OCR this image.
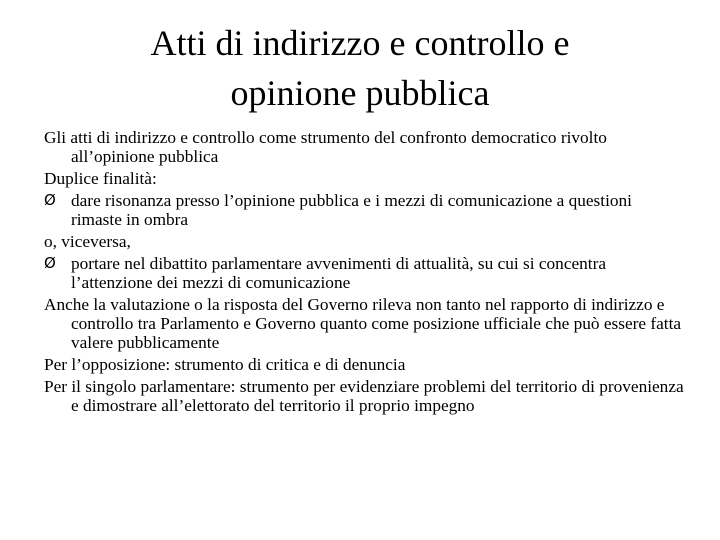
Atti di indirizzo e controllo e
opinione pubblica
Gli atti di indirizzo e controllo come strumento del confronto democratico rivolto all’opinione pubblica
Duplice finalità:
Ø dare risonanza presso l’opinione pubblica e i mezzi di comunicazione a questioni rimaste in ombra
o, viceversa,
Ø portare nel dibattito parlamentare avvenimenti di attualità, su cui si concentra l’attenzione dei mezzi di comunicazione
Anche la valutazione o la risposta del Governo rileva non tanto nel rapporto di indirizzo e controllo tra Parlamento e Governo quanto come posizione ufficiale che può essere fatta valere pubblicamente
Per l’opposizione: strumento di critica e di denuncia
Per il singolo parlamentare: strumento per evidenziare problemi del territorio di provenienza e dimostrare all’elettorato del territorio il proprio impegno
